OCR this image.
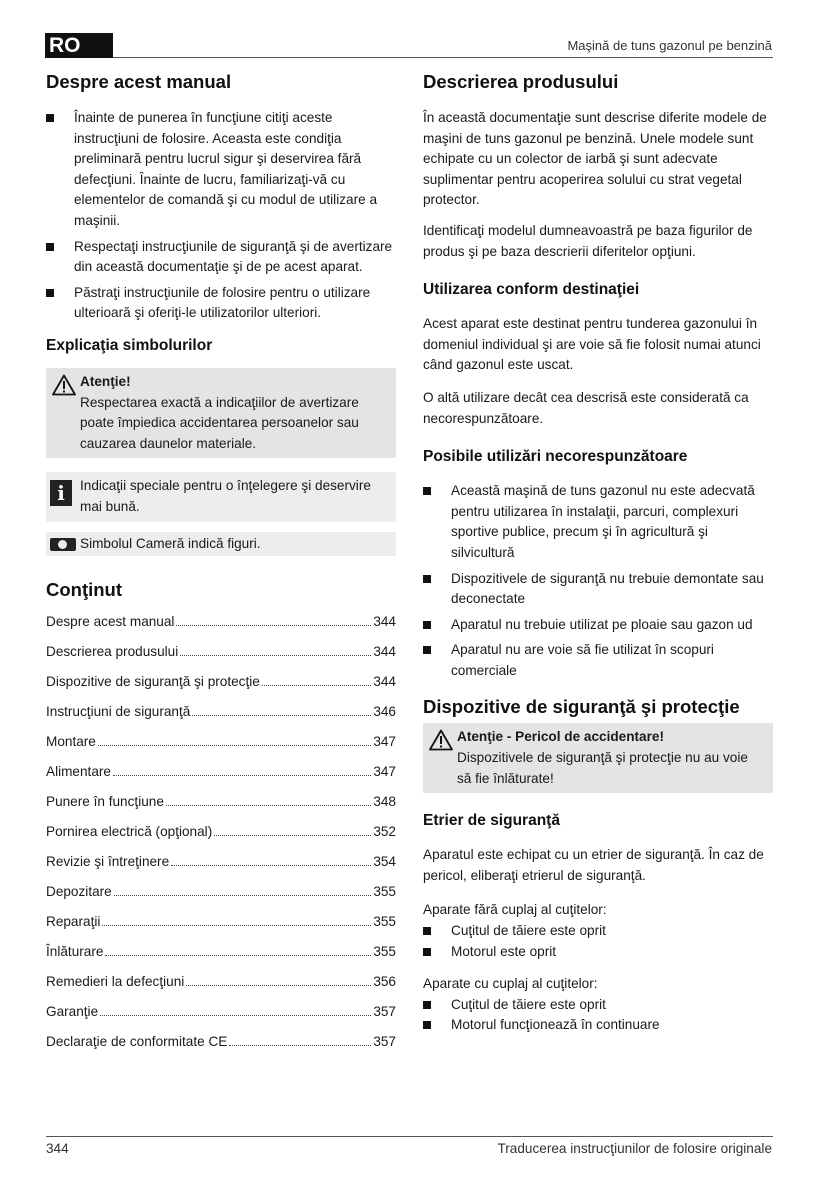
RO	Maşină de tuns gazonul pe benzină
Despre acest manual
Înainte de punerea în funcţiune citiţi aceste instrucţiuni de folosire. Aceasta este condiţia preliminară pentru lucrul sigur şi deservirea fără defecţiuni. Înainte de lucru, familiarizaţi-vă cu elementelor de comandă şi cu modul de utilizare a maşinii.
Respectaţi instrucţiunile de siguranţă şi de avertizare din această documentaţie şi de pe acest aparat.
Păstraţi instrucţiunile de folosire pentru o utilizare ulterioară şi oferiţi-le utilizatorilor ulteriori.
Explicaţia simbolurilor
Atenţie!
Respectarea exactă a indicaţiilor de avertizare poate împiedica accidentarea persoanelor sau cauzarea daunelor materiale.
i	Indicaţii speciale pentru o înţelegere şi deservire mai bună.
Simbolul Cameră indică figuri.
Conţinut
Despre acest manual	344
Descrierea produsului	344
Dispozitive de siguranţă şi protecţie	344
Instrucţiuni de siguranţă	346
Montare	347
Alimentare	347
Punere în funcţiune	348
Pornirea electrică (opţional)	352
Revizie şi întreţinere	354
Depozitare	355
Reparaţii	355
Înlăturare	355
Remedieri la defecţiuni	356
Garanţie	357
Declaraţie de conformitate CE	357
Descrierea produsului

În această documentaţie sunt descrise diferite modele de maşini de tuns gazonul pe benzină. Unele modele sunt echipate cu un colector de iarbă şi sunt adecvate suplimentar pentru acoperirea solului cu strat vegetal protector.

Identificaţi modelul dumneavoastră pe baza figurilor de produs şi pe baza descrierii diferitelor opţiuni.

Utilizarea conform destinaţiei

Acest aparat este destinat pentru tunderea gazonului în domeniul individual şi are voie să fie folosit numai atunci când gazonul este uscat.

O altă utilizare decât cea descrisă este considerată ca necorespunzătoare.

Posibile utilizări necorespunzătoare
Această maşină de tuns gazonul nu este adecvată pentru utilizarea în instalaţii, parcuri, complexuri sportive publice, precum şi în agricultură şi silvicultură
Dispozitivele de siguranţă nu trebuie demontate sau deconectate
Aparatul nu trebuie utilizat pe ploaie sau gazon ud
Aparatul nu are voie să fie utilizat în scopuri comerciale
Dispozitive de siguranţă şi protecţie
Atenţie - Pericol de accidentare!
Dispozitivele de siguranţă şi protecţie nu au voie să fie înlăturate!
Etrier de siguranţă

Aparatul este echipat cu un etrier de siguranţă. În caz de pericol, eliberaţi etrierul de siguranţă.

Aparate fără cuplaj al cuţitelor:
Cuţitul de tăiere este oprit
Motorul este oprit
Aparate cu cuplaj al cuţitelor:
Cuţitul de tăiere este oprit
Motorul funcţionează în continuare
344	Traducerea instrucţiunilor de folosire originale
